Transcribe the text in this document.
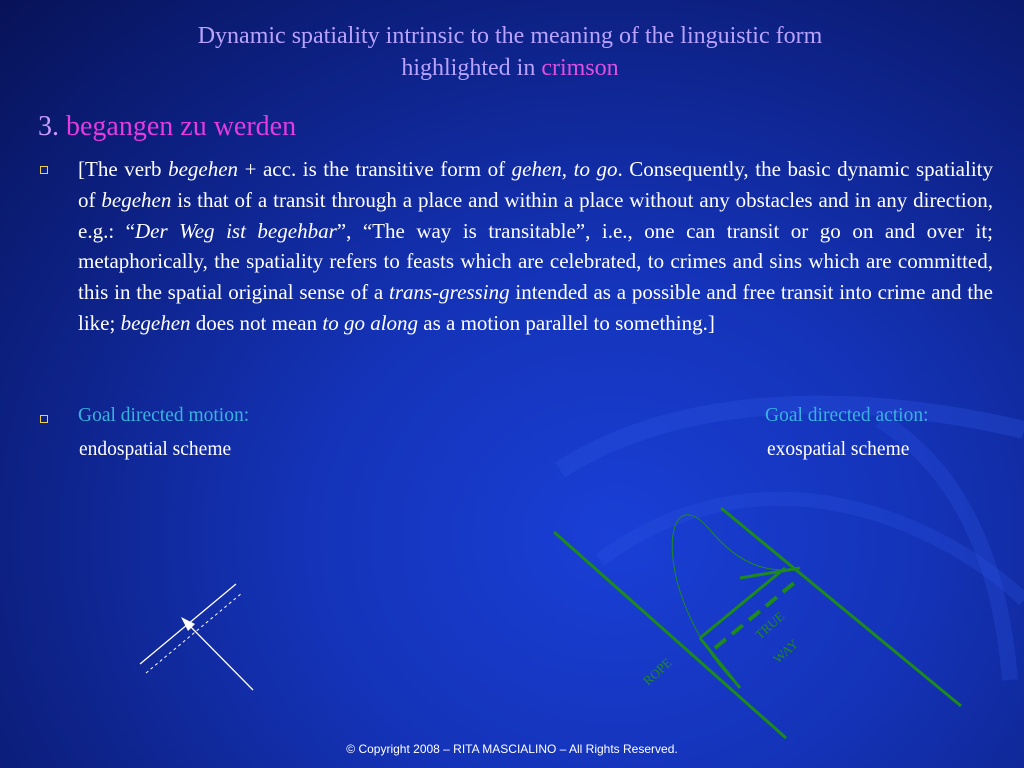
Dynamic spatiality intrinsic to the meaning of the linguistic form
highlighted in crimson
3. begangen zu werden
[The verb begehen + acc. is the transitive form of gehen, to go. Consequently, the basic dynamic spatiality of begehen is that of a transit through a place and within a place without any obstacles and in any direction, e.g.: “Der Weg ist begehbar”, “The way is transitable”, i.e., one can transit or go on and over it; metaphorically, the spatiality refers to feasts which are celebrated, to crimes and sins which are committed, this in the spatial original sense of a trans-gressing intended as a possible and free transit into crime and the like; begehen does not mean to go along as a motion parallel to something.]
Goal directed motion:	Goal directed action:
endospatial scheme	exospatial scheme
ROPE
TRUE
WAY
© Copyright 2008 – RITA MASCIALINO – All Rights Reserved.
